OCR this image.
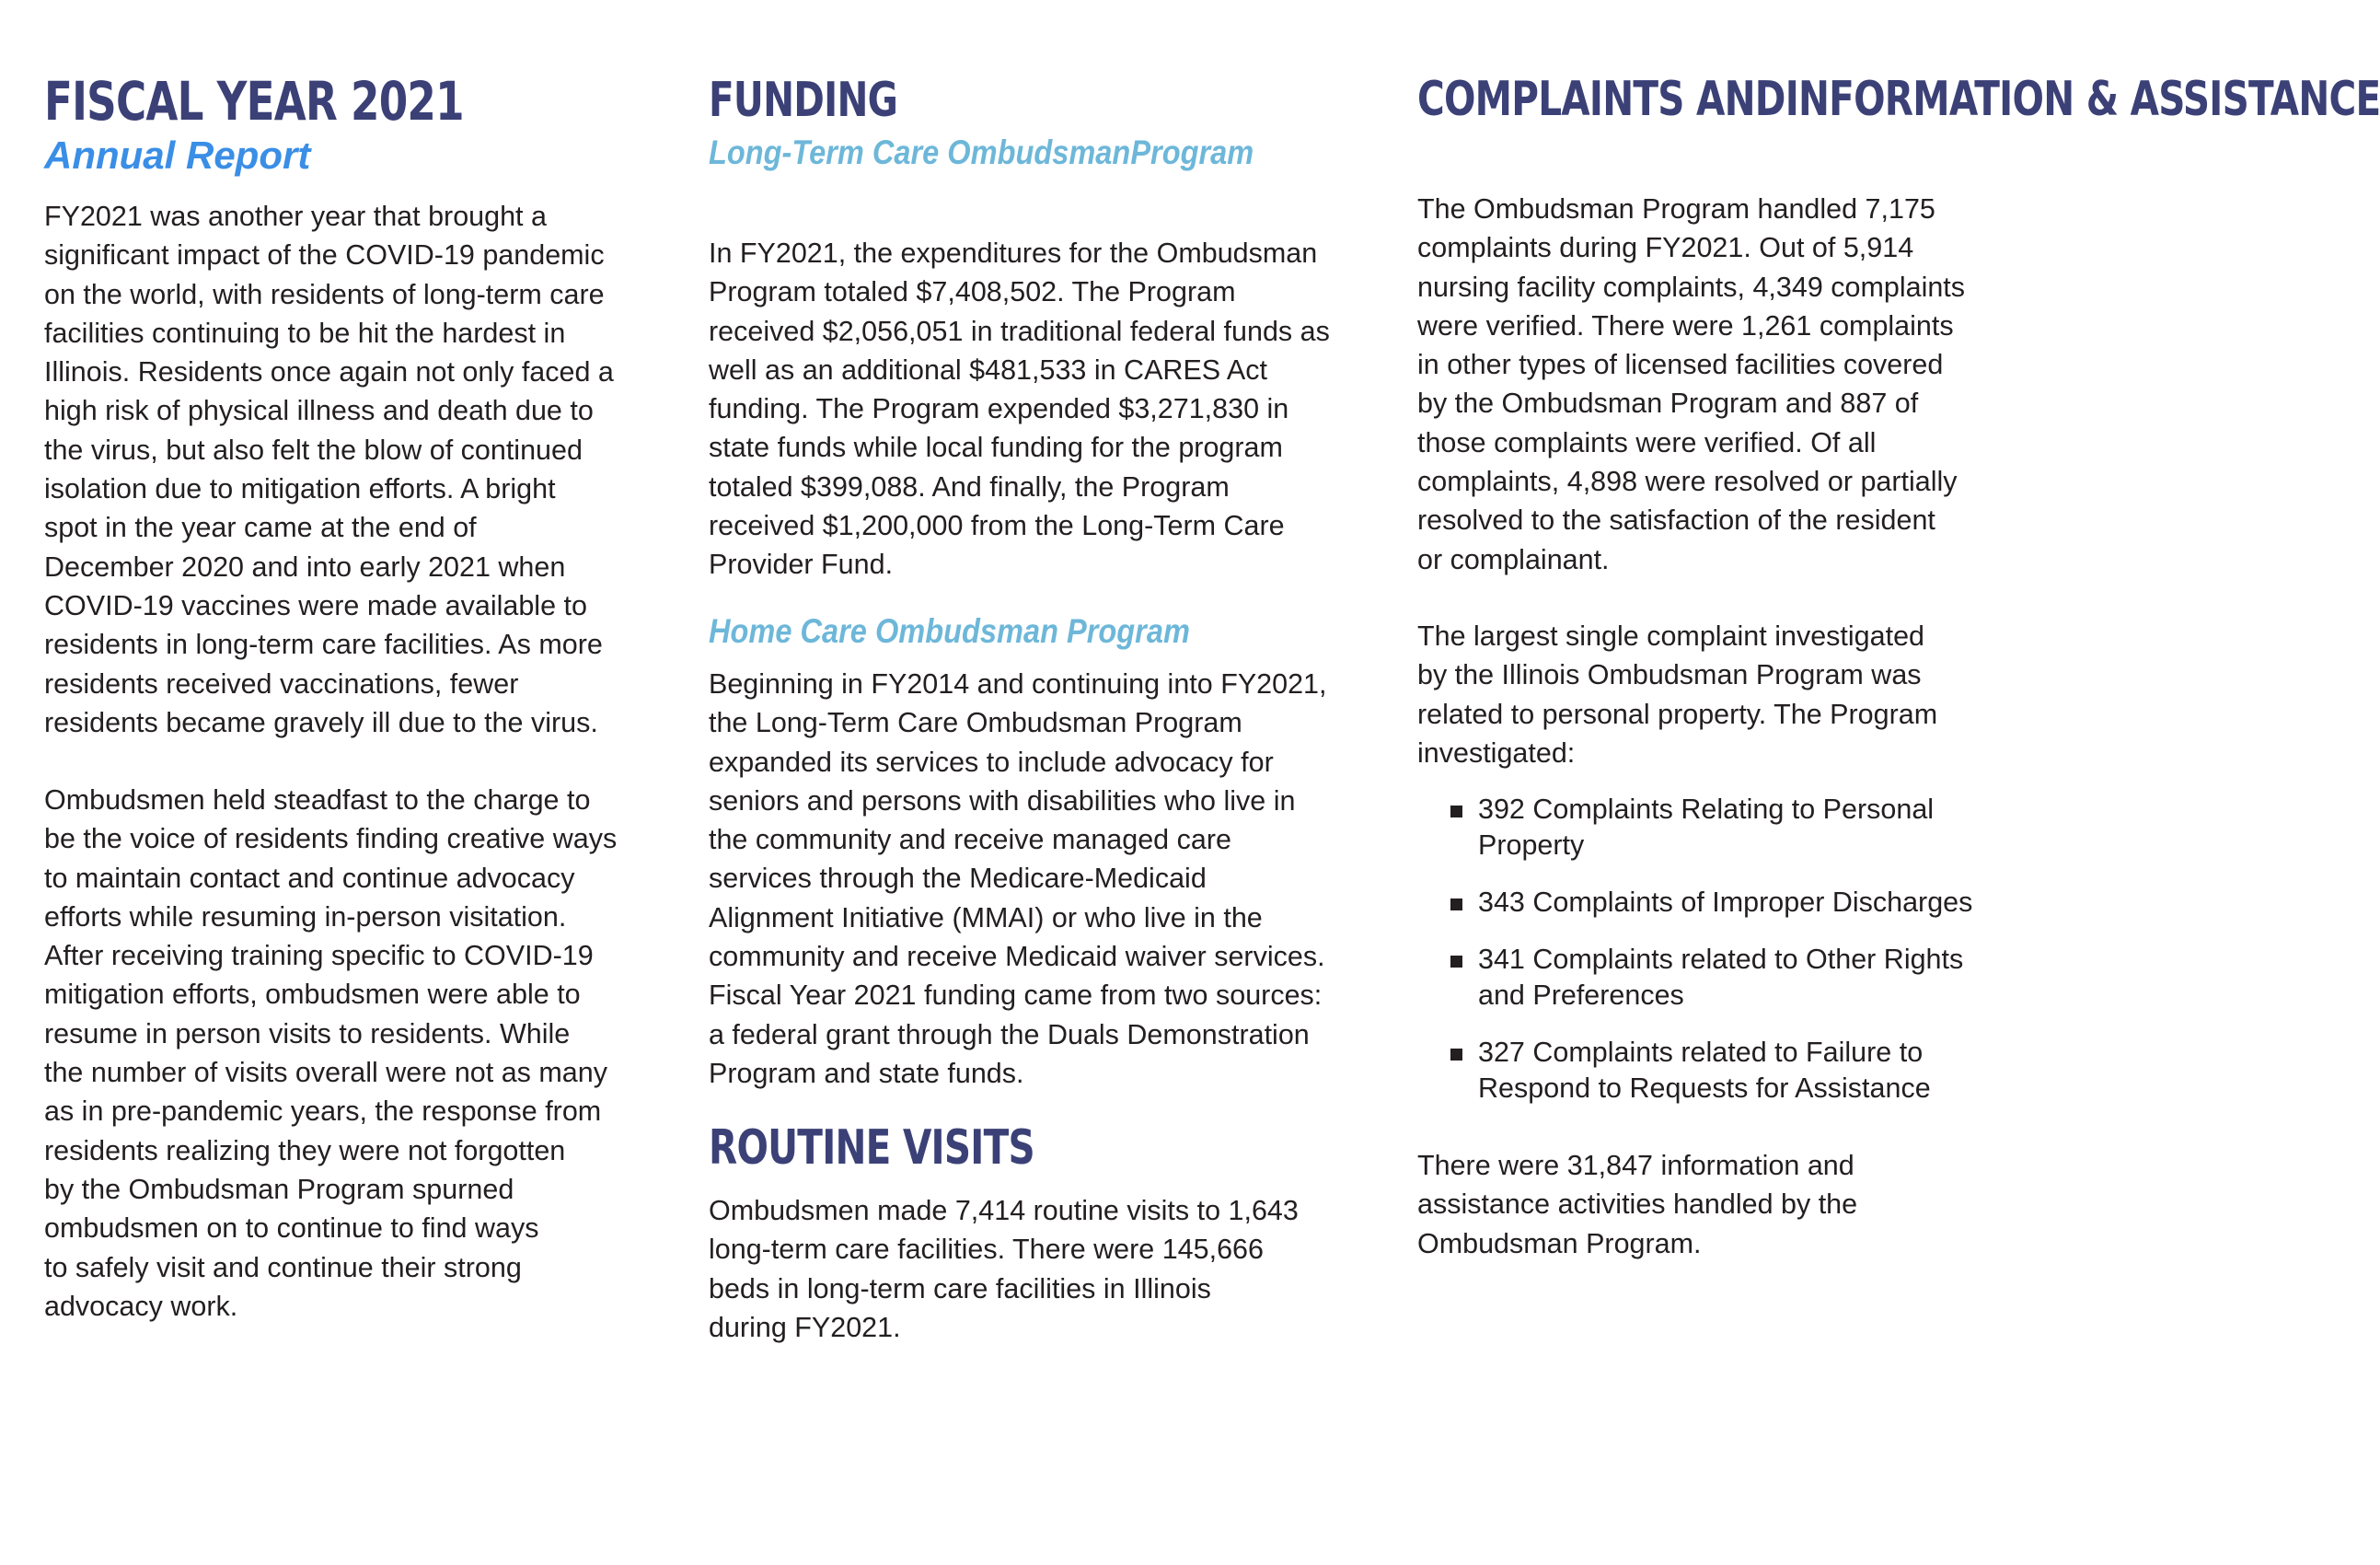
FISCAL YEAR 2021
Annual Report

FY2021 was another year that brought a
significant impact of the COVID-19 pandemic
on the world, with residents of long-term care
facilities continuing to be hit the hardest in
Illinois. Residents once again not only faced a
high risk of physical illness and death due to
the virus, but also felt the blow of continued
isolation due to mitigation efforts. A bright
spot in the year came at the end of
December 2020 and into early 2021 when
COVID-19 vaccines were made available to
residents in long-term care facilities. As more
residents received vaccinations, fewer
residents became gravely ill due to the virus.

Ombudsmen held steadfast to the charge to
be the voice of residents finding creative ways
to maintain contact and continue advocacy
efforts while resuming in-person visitation.
After receiving training specific to COVID-19
mitigation efforts, ombudsmen were able to
resume in person visits to residents. While
the number of visits overall were not as many
as in pre-pandemic years, the response from
residents realizing they were not forgotten
by the Ombudsman Program spurned
ombudsmen on to continue to find ways
to safely visit and continue their strong
advocacy work.

FUNDING
Long-Term Care OmbudsmanProgram

In FY2021, the expenditures for the Ombudsman
Program totaled $7,408,502. The Program
received $2,056,051 in traditional federal funds as
well as an additional $481,533 in CARES Act
funding. The Program expended $3,271,830 in
state funds while local funding for the program
totaled $399,088. And finally, the Program
received $1,200,000 from the Long-Term Care
Provider Fund.

Home Care Ombudsman Program

Beginning in FY2014 and continuing into FY2021,
the Long-Term Care Ombudsman Program
expanded its services to include advocacy for
seniors and persons with disabilities who live in
the community and receive managed care
services through the Medicare-Medicaid
Alignment Initiative (MMAI) or who live in the
community and receive Medicaid waiver services.
Fiscal Year 2021 funding came from two sources:
a federal grant through the Duals Demonstration
Program and state funds.

ROUTINE VISITS

Ombudsmen made 7,414 routine visits to 1,643
long-term care facilities. There were 145,666
beds in long-term care facilities in Illinois
during FY2021.

COMPLAINTS ANDINFORMATION & ASSISTANCE

The Ombudsman Program handled 7,175
complaints during FY2021. Out of 5,914
nursing facility complaints, 4,349 complaints
were verified. There were 1,261 complaints
in other types of licensed facilities covered
by the Ombudsman Program and 887 of
those complaints were verified. Of all
complaints, 4,898 were resolved or partially
resolved to the satisfaction of the resident
or complainant.

The largest single complaint investigated
by the Illinois Ombudsman Program was
related to personal property. The Program
investigated:

392 Complaints Relating to Personal
Property
343 Complaints of Improper Discharges
341 Complaints related to Other Rights
and Preferences
327 Complaints related to Failure to
Respond to Requests for Assistance

There were 31,847 information and
assistance activities handled by the
Ombudsman Program.
